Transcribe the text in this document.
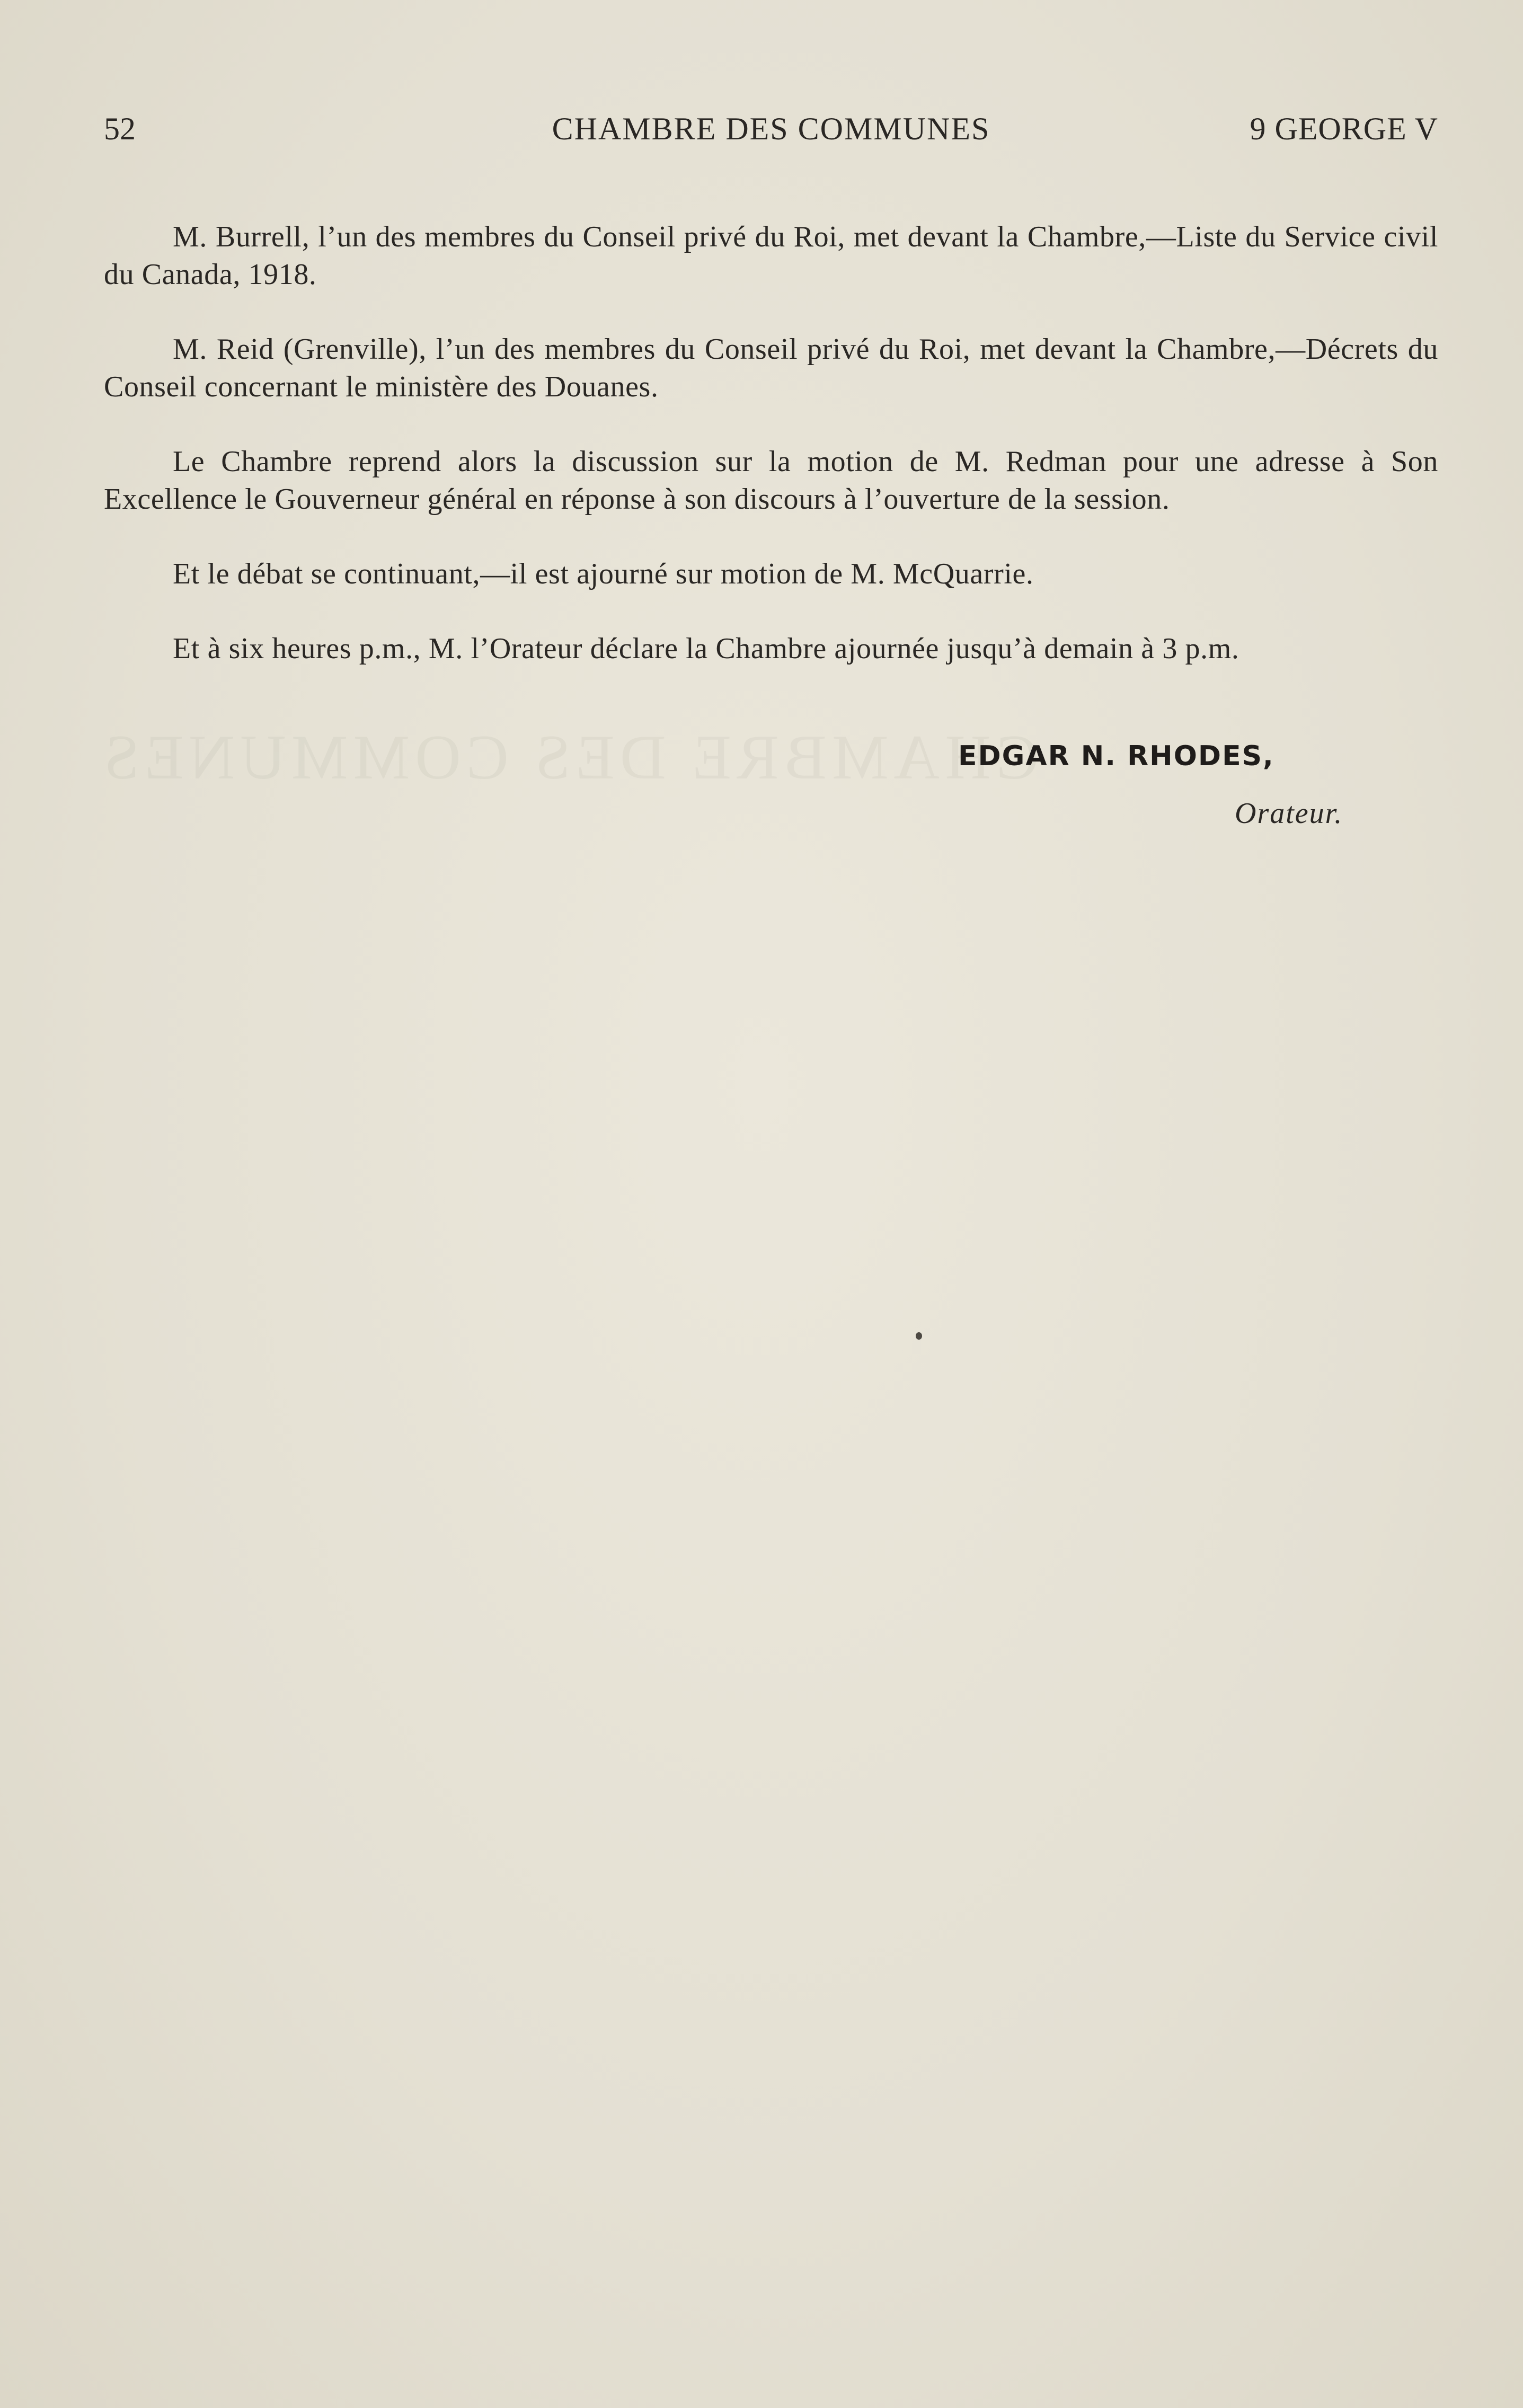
CHAMBRE DES COMMUNES
52	CHAMBRE DES COMMUNES	9 GEORGE V

M. Burrell, l’un des membres du Conseil privé du Roi, met devant la Chambre,—Liste du Service civil du Canada, 1918.

M. Reid (Grenville), l’un des membres du Conseil privé du Roi, met devant la Chambre,—Décrets du Conseil concernant le ministère des Douanes.

Le Chambre reprend alors la discussion sur la motion de M. Redman pour une adresse à Son Excellence le Gouverneur général en réponse à son discours à l’ouverture de la session.

Et le débat se continuant,—il est ajourné sur motion de M. McQuarrie.

Et à six heures p.m., M. l’Orateur déclare la Chambre ajournée jusqu’à demain à 3 p.m.

EDGAR N. RHODES,
Orateur.
